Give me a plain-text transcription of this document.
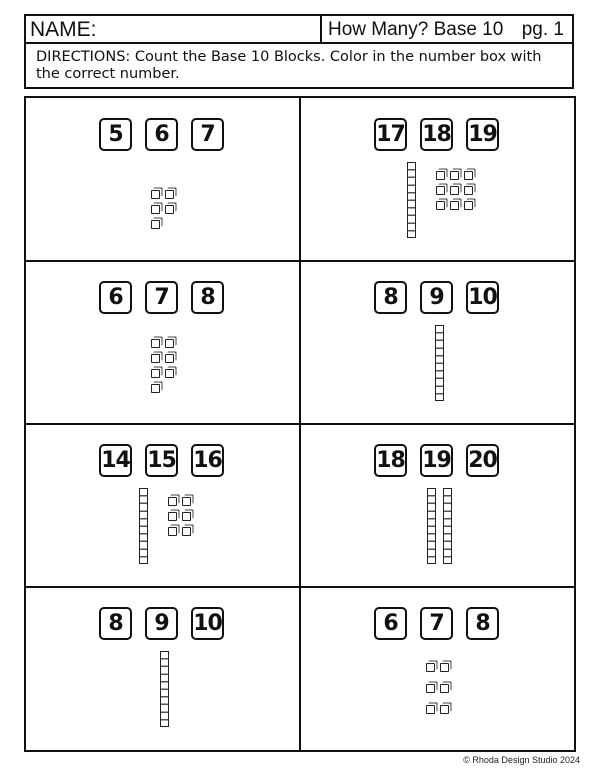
NAME:	How Many? Base 10 pg. 1
DIRECTIONS: Count the Base 10 Blocks. Color in the number box with the correct number.
5	6	7	17 18 19
6	7	8	8	9	10
14 15 16	18 19 20
8	9	10	6	7	8
© Rhoda Design Studio 2024
